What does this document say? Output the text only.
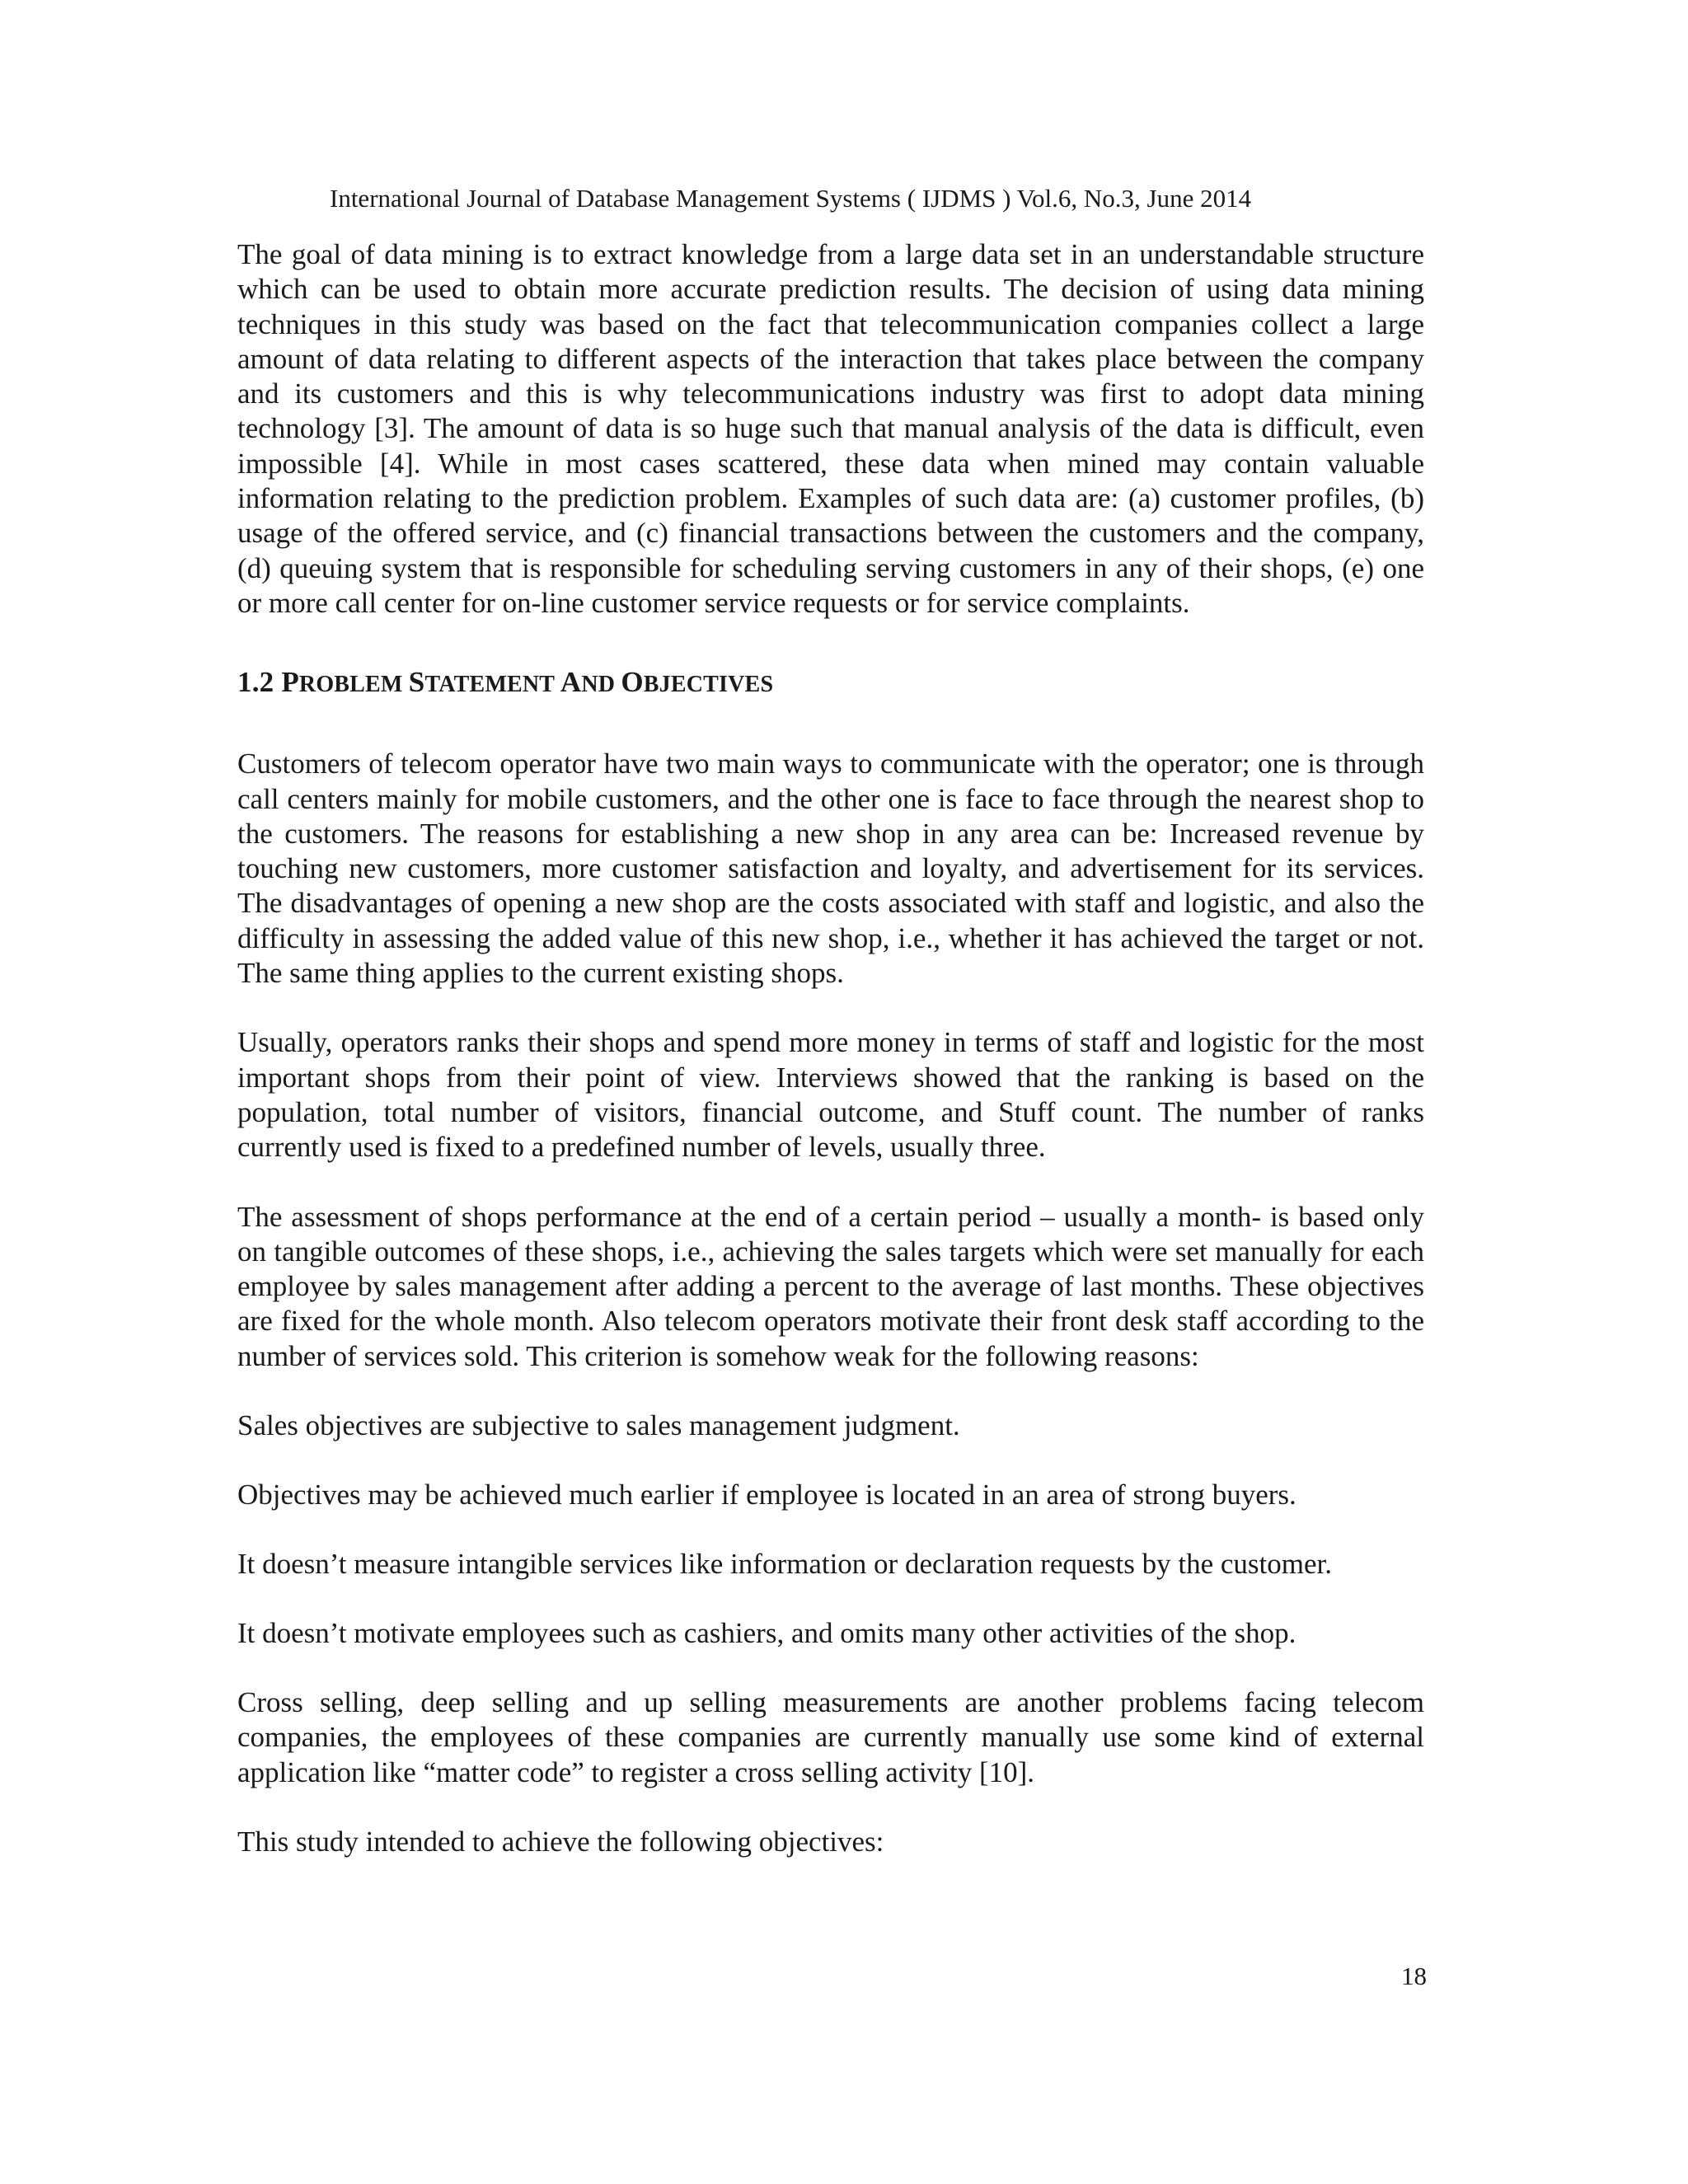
International Journal of Database Management Systems ( IJDMS ) Vol.6, No.3, June 2014

The goal of data mining is to extract knowledge from a large data set in an understandable structure which can be used to obtain more accurate prediction results. The decision of using data mining techniques in this study was based on the fact that telecommunication companies collect a large amount of data relating to different aspects of the interaction that takes place between the company and its customers and this is why telecommunications industry was first to adopt data mining technology [3]. The amount of data is so huge such that manual analysis of the data is difficult, even impossible [4]. While in most cases scattered, these data when mined may contain valuable information relating to the prediction problem. Examples of such data are: (a) customer profiles, (b) usage of the offered service, and (c) financial transactions between the customers and the company, (d) queuing system that is responsible for scheduling serving customers in any of their shops, (e) one or more call center for on-line customer service requests or for service complaints.

1.2 PROBLEM STATEMENT AND OBJECTIVES

Customers of telecom operator have two main ways to communicate with the operator; one is through call centers mainly for mobile customers, and the other one is face to face through the nearest shop to the customers. The reasons for establishing a new shop in any area can be: Increased revenue by touching new customers, more customer satisfaction and loyalty, and advertisement for its services. The disadvantages of opening a new shop are the costs associated with staff and logistic, and also the difficulty in assessing the added value of this new shop, i.e., whether it has achieved the target or not. The same thing applies to the current existing shops.

Usually, operators ranks their shops and spend more money in terms of staff and logistic for the most important shops from their point of view. Interviews showed that the ranking is based on the population, total number of visitors, financial outcome, and Stuff count. The number of ranks currently used is fixed to a predefined number of levels, usually three.

The assessment of shops performance at the end of a certain period – usually a month- is based only on tangible outcomes of these shops, i.e., achieving the sales targets which were set manually for each employee by sales management after adding a percent to the average of last months. These objectives are fixed for the whole month. Also telecom operators motivate their front desk staff according to the number of services sold. This criterion is somehow weak for the following reasons:

Sales objectives are subjective to sales management judgment.

Objectives may be achieved much earlier if employee is located in an area of strong buyers.

It doesn’t measure intangible services like information or declaration requests by the customer.

It doesn’t motivate employees such as cashiers, and omits many other activities of the shop.

Cross selling, deep selling and up selling measurements are another problems facing telecom companies, the employees of these companies are currently manually use some kind of external application like “matter code” to register a cross selling activity [10].

This study intended to achieve the following objectives:

18
